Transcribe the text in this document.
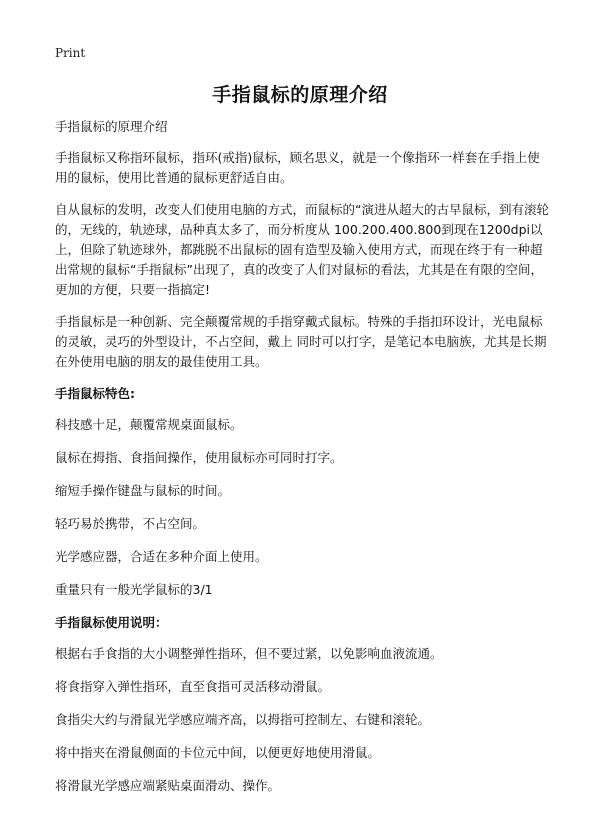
Print
手指鼠标的原理介绍

手指鼠标的原理介绍

手指鼠标又称指环鼠标，指环(戒指)鼠标，顾名思义，就是一个像指环一样套在手指上使用的鼠标，使用比普通的鼠标更舒适自由。

自从鼠标的发明，改变人们使用电脑的方式，而鼠标的“演进从超大的古早鼠标，到有滚轮的，无线的，轨迹球，品种真太多了，而分析度从 100.200.400.800到现在1200dpi以上，但除了轨迹球外，都跳脱不出鼠标的固有造型及输入使用方式，而现在终于有一种超出常规的鼠标“手指鼠标”出现了，真的改变了人们对鼠标的看法，尤其是在有限的空间，更加的方便，只要一指搞定!

手指鼠标是一种创新、完全颠覆常规的手指穿戴式鼠标。特殊的手指扣环设计，光电鼠标的灵敏，灵巧的外型设计，不占空间，戴上 同时可以打字，是笔记本电脑族，尤其是长期在外使用电脑的朋友的最佳使用工具。

手指鼠标特色:

科技感十足，颠覆常规桌面鼠标。

鼠标在拇指、食指间操作，使用鼠标亦可同时打字。

缩短手操作键盘与鼠标的时间。

轻巧易於携带，不占空间。

光学感应器，合适在多种介面上使用。

重量只有一般光学鼠标的3/1

手指鼠标使用说明：

根据右手食指的大小调整弹性指环，但不要过紧，以免影响血液流通。

将食指穿入弹性指环，直至食指可灵活移动滑鼠。

食指尖大约与滑鼠光学感应端齐高，以拇指可控制左、右键和滚轮。

将中指夹在滑鼠侧面的卡位元中间，以便更好地使用滑鼠。

将滑鼠光学感应端紧贴桌面滑动、操作。
